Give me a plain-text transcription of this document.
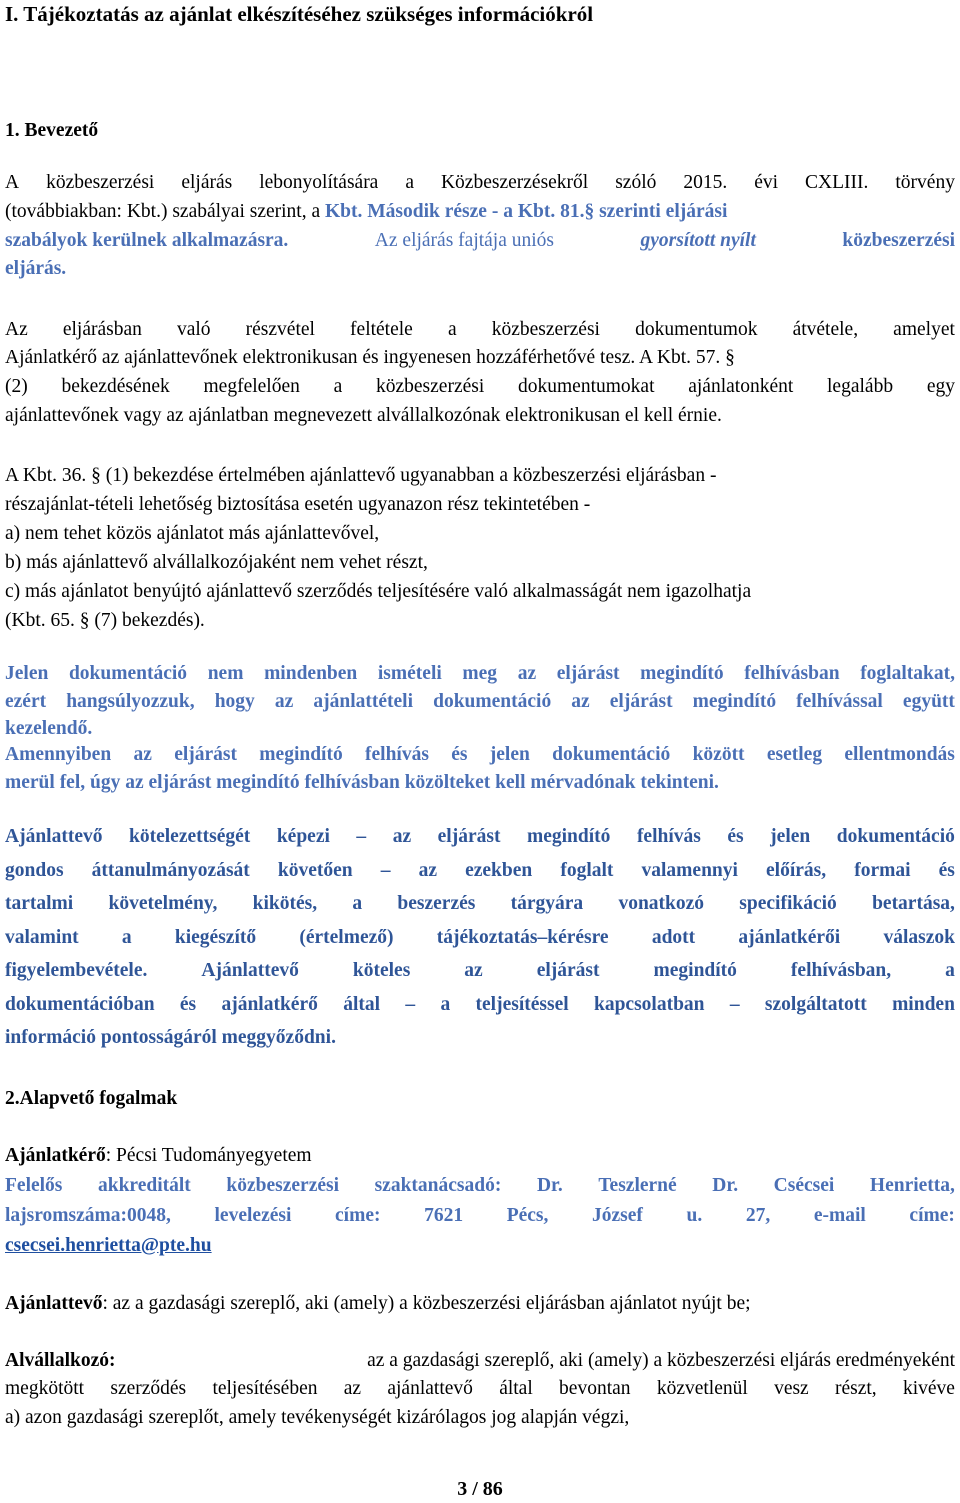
I. Tájékoztatás az ajánlat elkészítéséhez szükséges információkról
1. Bevezető
A közbeszerzési eljárás lebonyolítására a Közbeszerzésekről szóló 2015. évi CXLIII. törvény
(továbbiakban: Kbt.) szabályai szerint, a Kbt. Második része - a Kbt. 81.§ szerinti eljárási
szabályok kerülnek alkalmazásra.	Az eljárás fajtája uniós	gyorsított nyílt	közbeszerzési
eljárás.
Az eljárásban való részvétel feltétele a közbeszerzési dokumentumok átvétele, amelyet
Ajánlatkérő az ajánlattevőnek elektronikusan és ingyenesen hozzáférhetővé tesz. A Kbt. 57. §
(2) bekezdésének megfelelően a közbeszerzési dokumentumokat ajánlatonként legalább egy
ajánlattevőnek vagy az ajánlatban megnevezett alvállalkozónak elektronikusan el kell érnie.
A Kbt. 36. § (1) bekezdése értelmében ajánlattevő ugyanabban a közbeszerzési eljárásban -
részajánlat-tételi lehetőség biztosítása esetén ugyanazon rész tekintetében -
a) nem tehet közös ajánlatot más ajánlattevővel,
b) más ajánlattevő alvállalkozójaként nem vehet részt,
c) más ajánlatot benyújtó ajánlattevő szerződés teljesítésére való alkalmasságát nem igazolhatja
(Kbt. 65. § (7) bekezdés).
Jelen dokumentáció nem mindenben ismételi meg az eljárást megindító felhívásban foglaltakat,
ezért hangsúlyozzuk, hogy az ajánlattételi dokumentáció az eljárást megindító felhívással együtt
kezelendő.
Amennyiben az eljárást megindító felhívás és jelen dokumentáció között esetleg ellentmondás
merül fel, úgy az eljárást megindító felhívásban közölteket kell mérvadónak tekinteni.
Ajánlattevő kötelezettségét képezi – az eljárást megindító felhívás és jelen dokumentáció
gondos áttanulmányozását követően – az ezekben foglalt valamennyi előírás, formai és
tartalmi követelmény, kikötés, a beszerzés tárgyára vonatkozó specifikáció betartása,
valamint a kiegészítő (értelmező) tájékoztatás–kérésre adott ajánlatkérői válaszok
figyelembevétele.	Ajánlattevő	köteles	az	eljárást	megindító	felhívásban,	a
dokumentációban és ajánlatkérő által – a teljesítéssel kapcsolatban – szolgáltatott minden
információ pontosságáról meggyőződni.
2.Alapvető fogalmak
Ajánlatkérő: Pécsi Tudományegyetem
Felelős akkreditált közbeszerzési szaktanácsadó: Dr. Teszlerné Dr. Csécsei Henrietta,
lajsromszáma:0048, levelezési címe: 7621 Pécs, József u. 27, e-mail címe:
csecsei.henrietta@pte.hu
Ajánlattevő: az a gazdasági szereplő, aki (amely) a közbeszerzési eljárásban ajánlatot nyújt be;
Alvállalkozó:	az a gazdasági szereplő, aki (amely) a közbeszerzési eljárás eredményeként
megkötött szerződés teljesítésében az ajánlattevő által bevontan közvetlenül vesz részt, kivéve
a) azon gazdasági szereplőt, amely tevékenységét kizárólagos jog alapján végzi,
3 / 86
